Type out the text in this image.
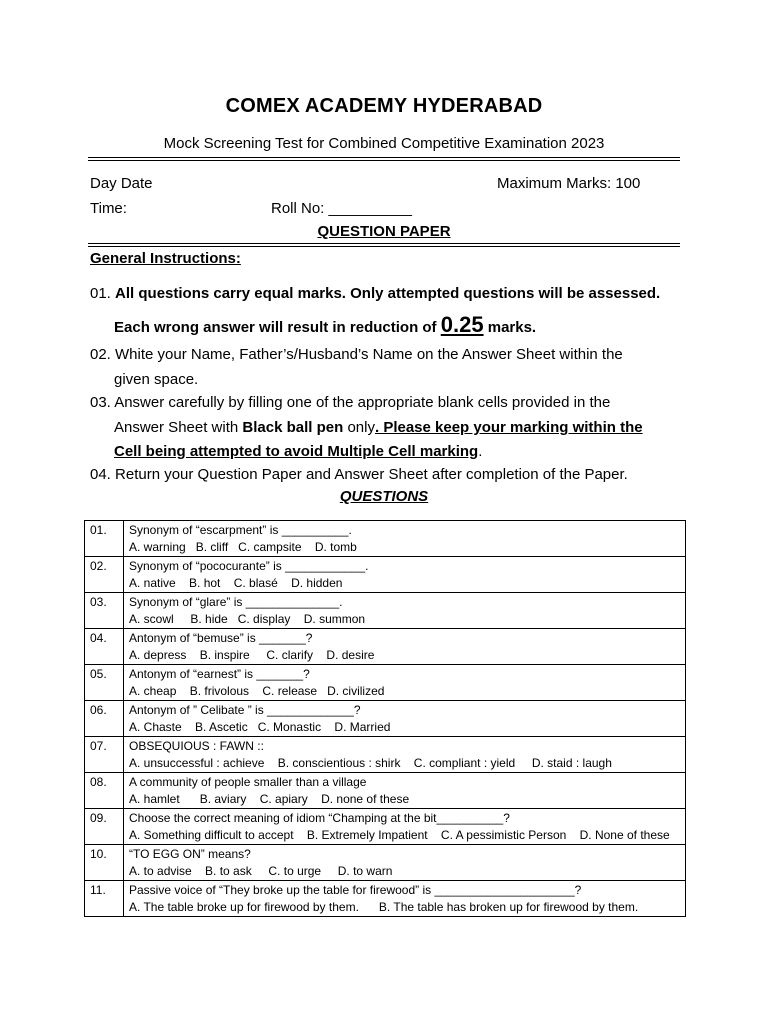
COMEX ACADEMY HYDERABAD
Mock Screening Test for Combined Competitive Examination 2023
Day Date	Maximum Marks: 100
Time:	Roll No: __________
QUESTION PAPER
General Instructions:
01. All questions carry equal marks. Only attempted questions will be assessed.
Each wrong answer will result in reduction of 0.25 marks.
02. White your Name, Father’s/Husband’s Name on the Answer Sheet within the
given space.
03. Answer carefully by filling one of the appropriate blank cells provided in the
Answer Sheet with Black ball pen only. Please keep your marking within the
Cell being attempted to avoid Multiple Cell marking.
04. Return your Question Paper and Answer Sheet after completion of the Paper.
QUESTIONS
01.	Synonym of “escarpment” is __________.
A. warning   B. cliff   C. campsite    D. tomb

02.	Synonym of “pococurante” is ____________.
A. native    B. hot    C. blasé    D. hidden

03.	Synonym of “glare” is ______________.
A. scowl     B. hide   C. display    D. summon

04.	Antonym of “bemuse” is _______?
A. depress    B. inspire     C. clarify    D. desire

05.	Antonym of “earnest” is _______?
A. cheap    B. frivolous    C. release   D. civilized

06.	Antonym of ” Celibate ” is _____________?
A. Chaste    B. Ascetic   C. Monastic    D. Married

07.	OBSEQUIOUS : FAWN ::
A. unsuccessful : achieve    B. conscientious : shirk    C. compliant : yield     D. staid : laugh

08.	A community of people smaller than a village
A. hamlet      B. aviary    C. apiary    D. none of these

09.	Choose the correct meaning of idiom “Champing at the bit__________?
A. Something difficult to accept    B. Extremely Impatient    C. A pessimistic Person    D. None of these

10.	“TO EGG ON” means?
A. to advise    B. to ask     C. to urge     D. to warn

11.	Passive voice of “They broke up the table for firewood” is _____________________?
A. The table broke up for firewood by them.      B. The table has broken up for firewood by them.
